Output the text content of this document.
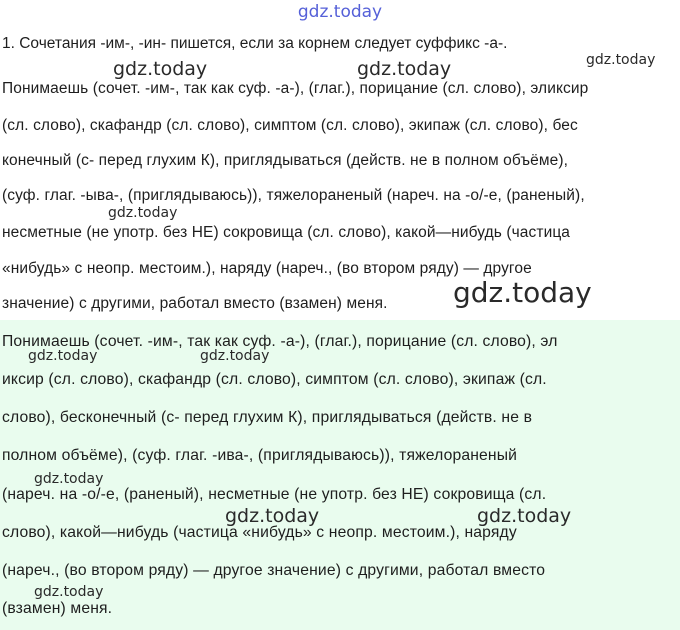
gdz.today
1. Сочетания -им-, -ин- пишется, если за корнем следует суффикс -а-.
Понимаешь (сочет. -им-, так как суф. -а-), (глаг.), порицание (сл. слово), эликсир
(сл. слово), скафандр (сл. слово), симптом (сл. слово), экипаж (сл. слово), бес
конечный (с- перед глухим К), приглядываться (действ. не в полном объёме),
(суф. глаг. -ыва-, (приглядываюсь)), тяжелораненый (нареч. на -о/-е, (раненый),
несметные (не употр. без НЕ) сокровища (сл. слово), какой—нибудь (частица
«нибудь» с неопр. местоим.), наряду (нареч., (во втором ряду) — другое
значение) с другими, работал вместо (взамен) меня.
Понимаешь (сочет. -им-, так как суф. -а-), (глаг.), порицание (сл. слово), эл
иксир (сл. слово), скафандр (сл. слово), симптом (сл. слово), экипаж (сл.
слово), бесконечный (с- перед глухим К), приглядываться (действ. не в
полном объёме), (суф. глаг. -ива-, (приглядываюсь)), тяжелораненый
(нареч. на -о/-е, (раненый), несметные (не употр. без НЕ) сокровища (сл.
слово), какой—нибудь (частица «нибудь» с неопр. местоим.), наряду
(нареч., (во втором ряду) — другое значение) с другими, работал вместо
(взамен) меня.
gdz.today
gdz.today	gdz.today
gdz.today
gdz.today
gdz.today	gdz.today
gdz.today
gdz.today	gdz.today
gdz.today
